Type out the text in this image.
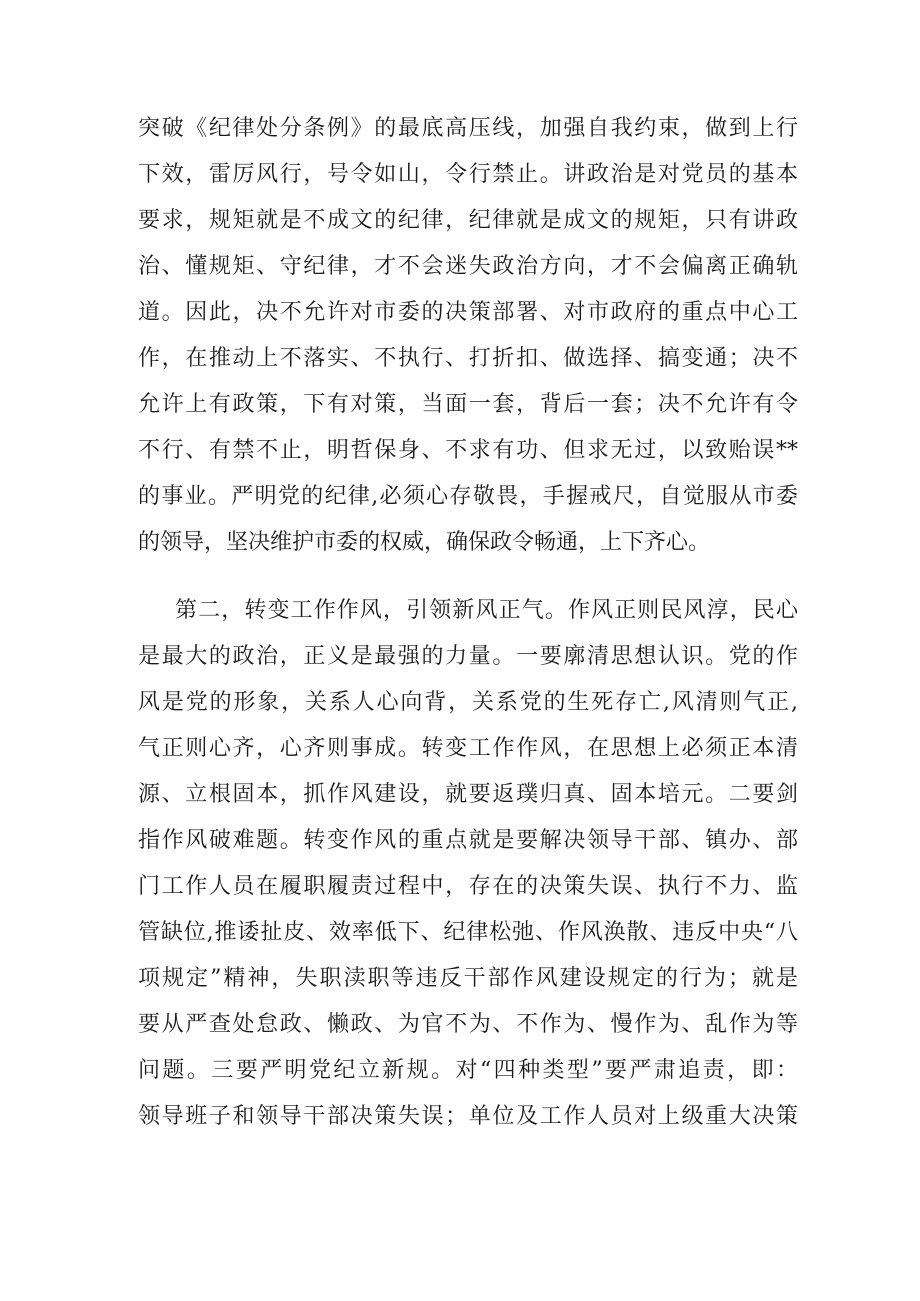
突破《纪律处分条例》的最底高压线，加强自我约束，做到上行
下效，雷厉风行，号令如山，令行禁止。讲政治是对党员的基本
要求，规矩就是不成文的纪律，纪律就是成文的规矩，只有讲政
治、懂规矩、守纪律，才不会迷失政治方向，才不会偏离正确轨
道。因此，决不允许对市委的决策部署、对市政府的重点中心工
作，在推动上不落实、不执行、打折扣、做选择、搞变通；决不
允许上有政策，下有对策，当面一套，背后一套；决不允许有令
不行、有禁不止，明哲保身、不求有功、但求无过，以致贻误**
的事业。严明党的纪律,必须心存敬畏，手握戒尺，自觉服从市委
的领导，坚决维护市委的权威，确保政令畅通，上下齐心。
第二，转变工作作风，引领新风正气。作风正则民风淳，民心
是最大的政治，正义是最强的力量。一要廓清思想认识。党的作
风是党的形象，关系人心向背，关系党的生死存亡,风清则气正,
气正则心齐，心齐则事成。转变工作作风，在思想上必须正本清
源、立根固本，抓作风建设，就要返璞归真、固本培元。二要剑
指作风破难题。转变作风的重点就是要解决领导干部、镇办、部
门工作人员在履职履责过程中，存在的决策失误、执行不力、监
管缺位,推诿扯皮、效率低下、纪律松弛、作风涣散、违反中央“八
项规定”精神，失职渎职等违反干部作风建设规定的行为；就是
要从严查处怠政、懒政、为官不为、不作为、慢作为、乱作为等
问题。三要严明党纪立新规。对“四种类型”要严肃追责，即：
领导班子和领导干部决策失误；单位及工作人员对上级重大决策
